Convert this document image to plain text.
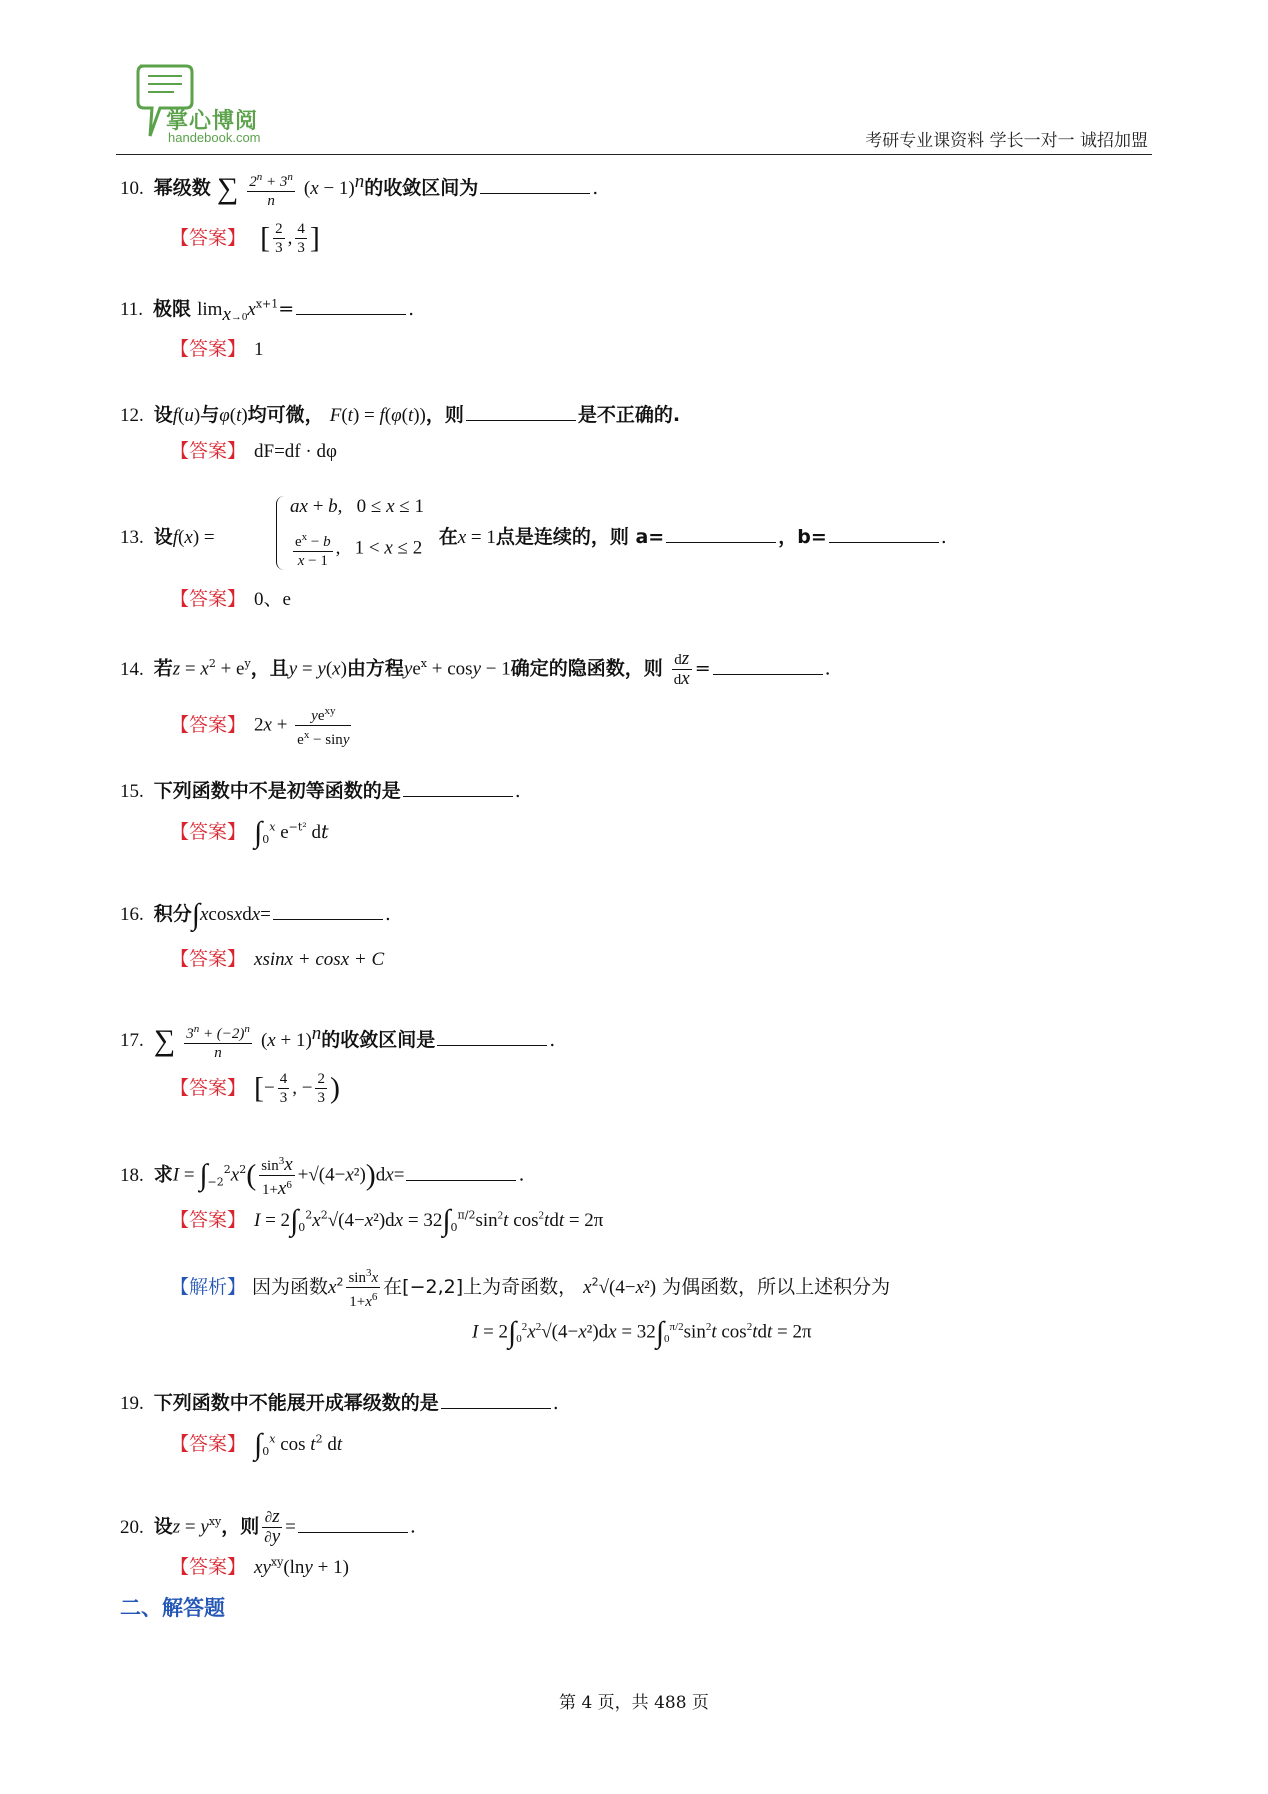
掌心博阅
handebook.com	考研专业课资料 学长一对一 诚招加盟
10. 幂级数 ∑ $\frac{2^n + 3^n}{n} (x - 1)^n$的收敛区间为	.
【答案】 [ $\frac{2}{3}$ , $\frac{4}{3}$ ]
11. 极限 $\lim_{x\to 0}x^{x+1}=$	.
【答案】 1
12. 设f(u)与φ(t)均可微， F(t) = f(φ(t))，则	是不正确的.
【答案】 dF=df · dφ
ax + b,   0 ≤ x ≤ 1
$\frac{e^x - b}{x - 1}$ ,   1 < x ≤ 2
13. 设f(x) =	在x = 1点是连续的，则 a=	，b=	.
【答案】 0、e
14. 若$z = x^2 + e^y$，且y = y(x)由方程$ye^x + \cos y - 1$确定的隐函数，则 $\frac{dz}{dx}$ =	.
【答案】 $2x + \frac{ye^{xy}}{e^x - \sin y}$
15. 下列函数中不是初等函数的是	.
【答案】 $\int_0^x$ $e^{-t^2}$ dt
16. 积分∫xcosxdx=	.
【答案】 xsinx + cosx + C
17. ∑ $\frac{3^n + (-2)^n}{n} (x + 1)^n$的收敛区间是	.
【答案】 [− $\frac{4}{3}$ , − $\frac{2}{3}$ )
18. 求$I = \int_{-2}^2x^2( \frac{\sin^3x}{1+x^6} +√(4-x^2))dx=$	.
【答案】 $I = 2\int_0^2x^2√(4-x^2)dx = 32\int_0^{\pi/2}\sin^2t$ $\cos^2tdt = 2\pi$
【解析】 因为函数$x^2 \frac{\sin^3x}{1+x^6}$ 在[−2,2]上为奇函数， $x^2√(4-x^2)$ 为偶函数，所以上述积分为
$I = 2\int_0^2x^2√(4-x^2)dx = 32\int_0^{\pi/2}\sin^2t$ $\cos^2tdt = 2\pi$
19. 下列函数中不能展开成幂级数的是	.
【答案】 $\int_0^x$ $\cos t^2$ dt
20. 设$z = y^{xy}$，则 $\frac{\partial z}{\partial y}$ =	.
【答案】 $xy^{xy}(\ln y + 1)$
二、解答题
第 4 页，共 488 页
